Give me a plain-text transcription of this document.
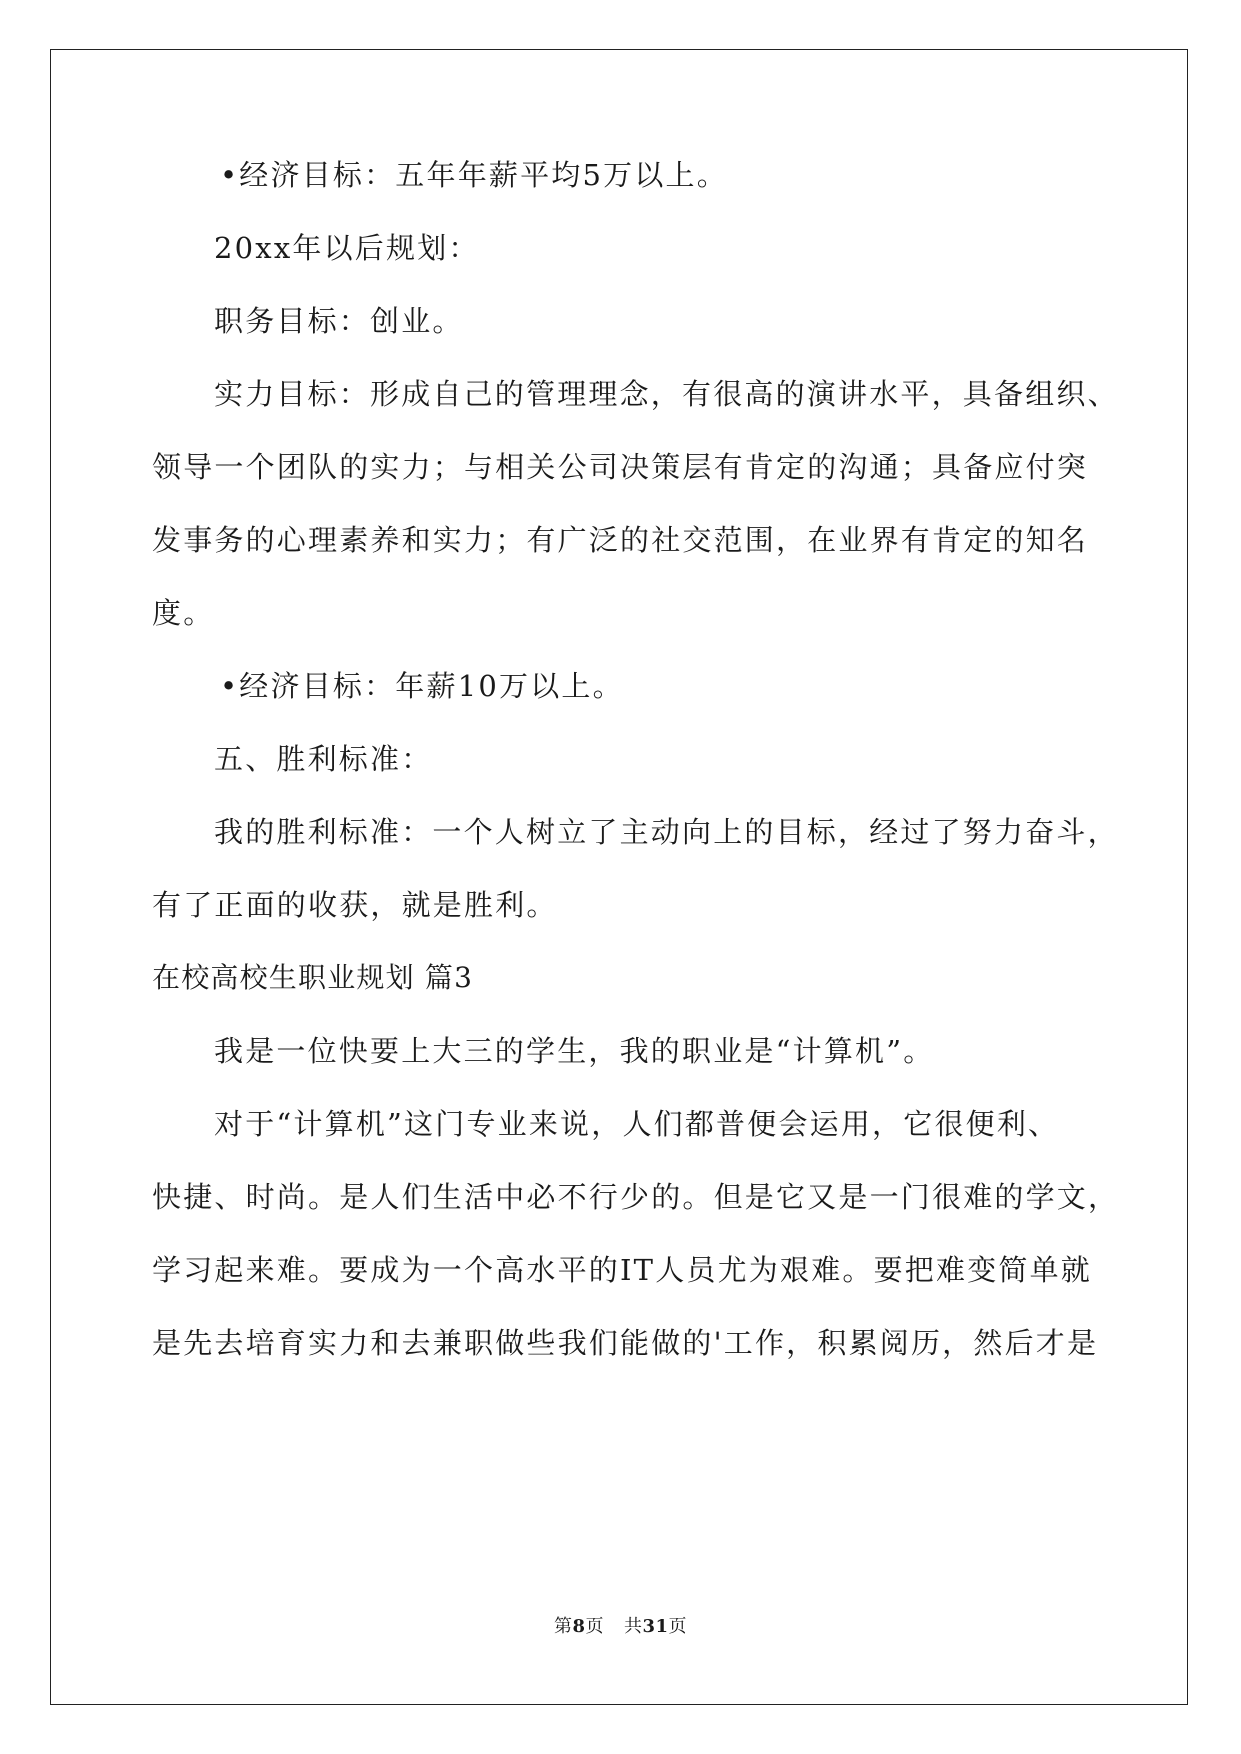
•经济目标：五年年薪平均5万以上。
20xx年以后规划：
职务目标：创业。
实力目标：形成自己的管理理念，有很高的演讲水平，具备组织、
领导一个团队的实力；与相关公司决策层有肯定的沟通；具备应付突
发事务的心理素养和实力；有广泛的社交范围，在业界有肯定的知名
度。
•经济目标：年薪10万以上。
五、胜利标准：
我的胜利标准：一个人树立了主动向上的目标，经过了努力奋斗，
有了正面的收获，就是胜利。
在校高校生职业规划 篇3
我是一位快要上大三的学生，我的职业是“计算机”。
对于“计算机”这门专业来说，人们都普便会运用，它很便利、
快捷、时尚。是人们生活中必不行少的。但是它又是一门很难的学文，
学习起来难。要成为一个高水平的IT人员尤为艰难。要把难变简单就
是先去培育实力和去兼职做些我们能做的'工作，积累阅历，然后才是
第8页 共31页
